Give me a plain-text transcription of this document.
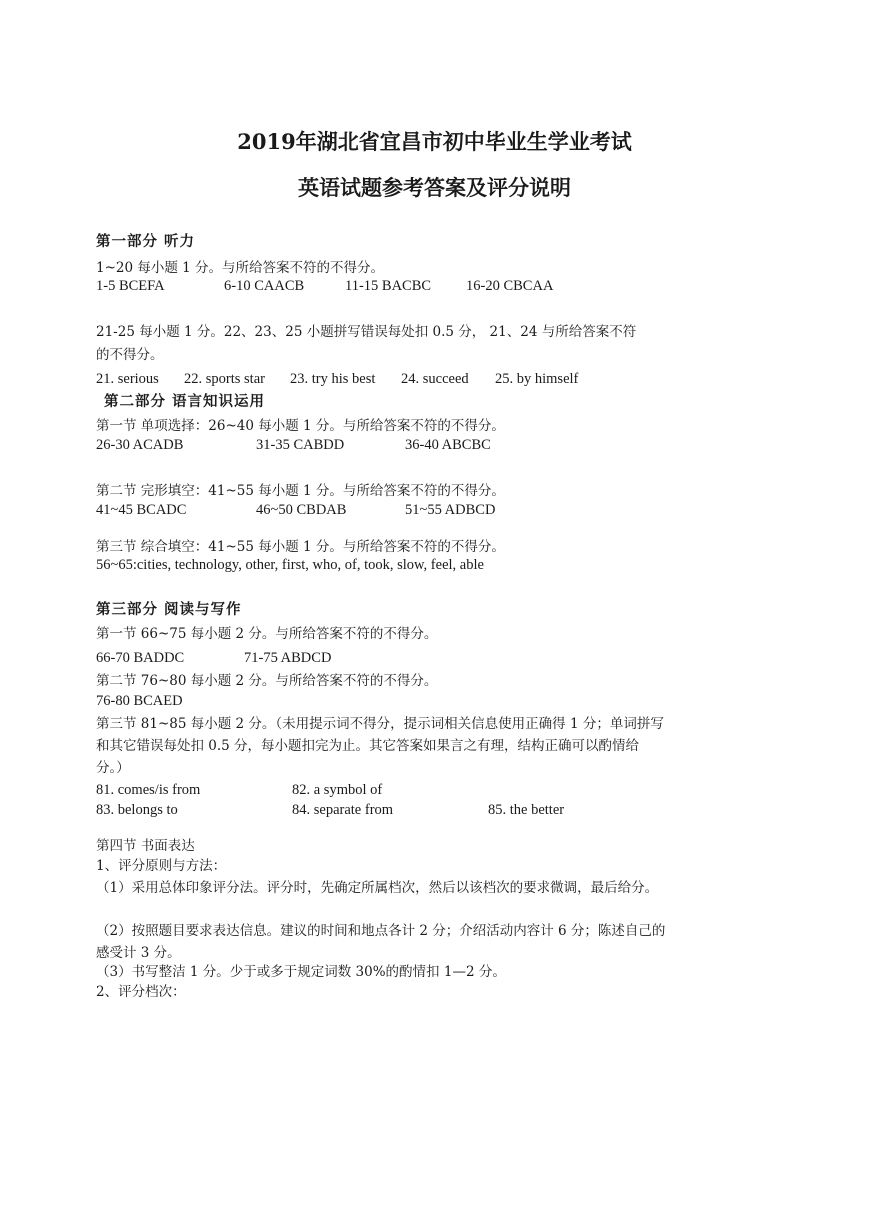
2019年湖北省宜昌市初中毕业生学业考试
英语试题参考答案及评分说明
第一部分 听力
1~20 每小题 1 分。与所给答案不符的不得分。
1-5 BCEFA	6-10 CAACB	11-15 BACBC 16-20 CBCAA
21-25 每小题 1 分。22、23、25 小题拼写错误每处扣 0.5 分， 21、24 与所给答案不符
的不得分。
21. serious 22. sports star 23. try his best 24. succeed 25. by himself
第二部分 语言知识运用
第一节 单项选择：26~40 每小题 1 分。与所给答案不符的不得分。
26-30 ACADB	31-35 CABDD	36-40 ABCBC
第二节 完形填空：41~55 每小题 1 分。与所给答案不符的不得分。
41~45 BCADC	46~50 CBDAB	51~55 ADBCD
第三节 综合填空：41~55 每小题 1 分。与所给答案不符的不得分。
56~65:cities, technology, other, first, who, of, took, slow, feel, able
第三部分 阅读与写作
第一节 66~75 每小题 2 分。与所给答案不符的不得分。
66-70 BADDC	71-75 ABDCD
第二节 76~80 每小题 2 分。与所给答案不符的不得分。
76-80 BCAED
第三节 81~85 每小题 2 分。（未用提示词不得分，提示词相关信息使用正确得 1 分；单词拼写和其它错误每处扣 0.5 分，每小题扣完为止。其它答案如果言之有理，结构正确可以酌情给分。）
81. comes/is from	82. a symbol of
83. belongs to	84. separate from	85. the better
第四节 书面表达
1、评分原则与方法：
（1）采用总体印象评分法。评分时，先确定所属档次，然后以该档次的要求微调，最后给分。
（2）按照题目要求表达信息。建议的时间和地点各计 2 分；介绍活动内容计 6 分；陈述自己的感受计 3 分。
（3）书写整洁 1 分。少于或多于规定词数 30%的酌情扣 1—2 分。
2、评分档次：
